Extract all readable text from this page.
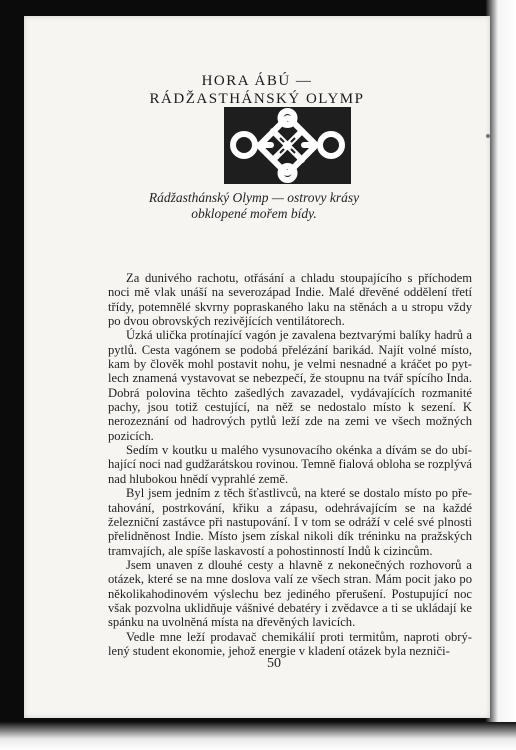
HORA ÁBÚ —
RÁDŽASTHÁNSKÝ OLYMP
Rádžasthánský Olymp — ostrovy krásy
obklopené mořem bídy.

Za dunivého rachotu, otřásání a chladu stoupajícího s příchodem noci mě vlak unáší na severozápad Indie. Malé dřevěné oddělení třetí třídy, potemnělé skvrny popraskaného laku na stěnách a u stropu vždy po dvou obrovských rezivějících ventilátorech.

Úzká ulička protínající vagón je zavalena beztvarými balíky hadrů a pytlů. Cesta vagónem se podobá přelézání barikád. Najít volné místo, kam by člověk mohl postavit nohu, je velmi nesnadné a kráčet po pytlech znamená vystavovat se nebezpečí, že stoupnu na tvář spícího Inda. Dobrá polovina těchto zašedlých zavazadel, vydávajících rozmanité pachy, jsou totiž cestující, na něž se nedostalo místo k sezení. K nerozeznání od hadrových pytlů leží zde na zemi ve všech možných pozicích.

Sedím v koutku u malého vysunovacího okénka a dívám se do ubíhající noci nad gudžarátskou rovinou. Temně fialová obloha se rozplývá nad hlubokou hnědí vyprahlé země.

Byl jsem jedním z těch šťastlivců, na které se dostalo místo po přetahování, postrkování, křiku a zápasu, odehrávajícím se na každé železniční zastávce při nastupování. I v tom se odráží v celé své plnosti přelidněnost Indie. Místo jsem získal nikoli dík tréninku na pražských tramvajích, ale spíše laskavostí a pohostinností Indů k cizincům.

Jsem unaven z dlouhé cesty a hlavně z nekonečných rozhovorů a otázek, které se na mne doslova valí ze všech stran. Mám pocit jako po několikahodinovém výslechu bez jediného přerušení. Postupující noc však pozvolna uklidňuje vášnivé debatéry i zvědavce a ti se ukládají ke spánku na uvolněná místa na dřevěných lavicích.

Vedle mne leží prodavač chemikálií proti termitům, naproti obrýlený student ekonomie, jehož energie v kladení otázek byla nezniči-

50
